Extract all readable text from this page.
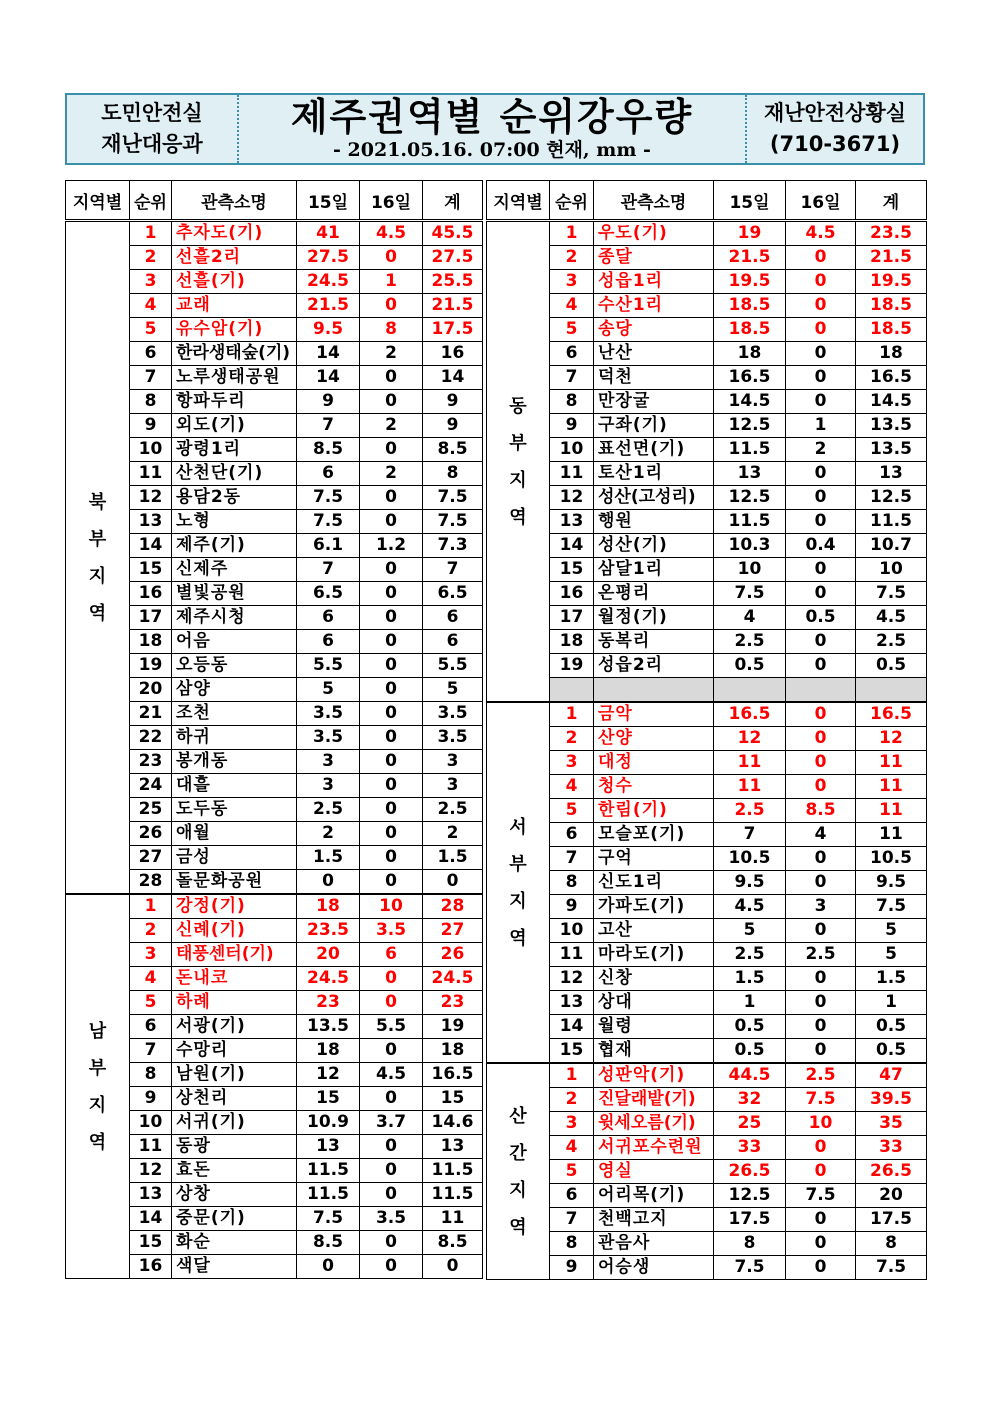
도민안전실
재난대응과
제주권역별 순위강우량
- 2021.05.16. 07:00 현재, mm -
재난안전상황실
(710-3671)
지역별	순위	관측소명	15일	16일	계

북
부
지
역	1	추자도(기)	41	4.5	45.5
	2	선흘2리	27.5	0	27.5
	3	선흘(기)	24.5	1	25.5
	4	교래	21.5	0	21.5
	5	유수암(기)	9.5	8	17.5
	6	한라생태숲(기)	14	2	16
	7	노루생태공원	14	0	14
	8	항파두리	9	0	9
	9	외도(기)	7	2	9
	10	광령1리	8.5	0	8.5
	11	산천단(기)	6	2	8
	12	용담2동	7.5	0	7.5
	13	노형	7.5	0	7.5
	14	제주(기)	6.1	1.2	7.3
	15	신제주	7	0	7
	16	별빛공원	6.5	0	6.5
	17	제주시청	6	0	6
	18	어음	6	0	6
	19	오등동	5.5	0	5.5
	20	삼양	5	0	5
	21	조천	3.5	0	3.5
	22	하귀	3.5	0	3.5
	23	봉개동	3	0	3
	24	대흘	3	0	3
	25	도두동	2.5	0	2.5
	26	애월	2	0	2
	27	금성	1.5	0	1.5
	28	돌문화공원	0	0	0

남
부
지
역	1	강정(기)	18	10	28
	2	신례(기)	23.5	3.5	27
	3	태풍센터(기)	20	6	26
	4	돈내코	24.5	0	24.5
	5	하례	23	0	23
	6	서광(기)	13.5	5.5	19
	7	수망리	18	0	18
	8	남원(기)	12	4.5	16.5
	9	상천리	15	0	15
	10	서귀(기)	10.9	3.7	14.6
	11	동광	13	0	13
	12	효돈	11.5	0	11.5
	13	상창	11.5	0	11.5
	14	중문(기)	7.5	3.5	11
	15	화순	8.5	0	8.5
	16	색달	0	0	0
지역별	순위	관측소명	15일	16일	계

동
부
지
역	1	우도(기)	19	4.5	23.5
	2	종달	21.5	0	21.5
	3	성읍1리	19.5	0	19.5
	4	수산1리	18.5	0	18.5
	5	송당	18.5	0	18.5
	6	난산	18	0	18
	7	덕천	16.5	0	16.5
	8	만장굴	14.5	0	14.5
	9	구좌(기)	12.5	1	13.5
	10	표선면(기)	11.5	2	13.5
	11	토산1리	13	0	13
	12	성산(고성리)	12.5	0	12.5
	13	행원	11.5	0	11.5
	14	성산(기)	10.3	0.4	10.7
	15	삼달1리	10	0	10
	16	온평리	7.5	0	7.5
	17	월정(기)	4	0.5	4.5
	18	동복리	2.5	0	2.5
	19	성읍2리	0.5	0	0.5

서
부
지
역	1	금악	16.5	0	16.5
	2	산양	12	0	12
	3	대정	11	0	11
	4	청수	11	0	11
	5	한림(기)	2.5	8.5	11
	6	모슬포(기)	7	4	11
	7	구억	10.5	0	10.5
	8	신도1리	9.5	0	9.5
	9	가파도(기)	4.5	3	7.5
	10	고산	5	0	5
	11	마라도(기)	2.5	2.5	5
	12	신창	1.5	0	1.5
	13	상대	1	0	1
	14	월령	0.5	0	0.5
	15	협재	0.5	0	0.5

산
간
지
역	1	성판악(기)	44.5	2.5	47
	2	진달래밭(기)	32	7.5	39.5
	3	윗세오름(기)	25	10	35
	4	서귀포수련원	33	0	33
	5	영실	26.5	0	26.5
	6	어리목(기)	12.5	7.5	20
	7	천백고지	17.5	0	17.5
	8	관음사	8	0	8
	9	어승생	7.5	0	7.5
